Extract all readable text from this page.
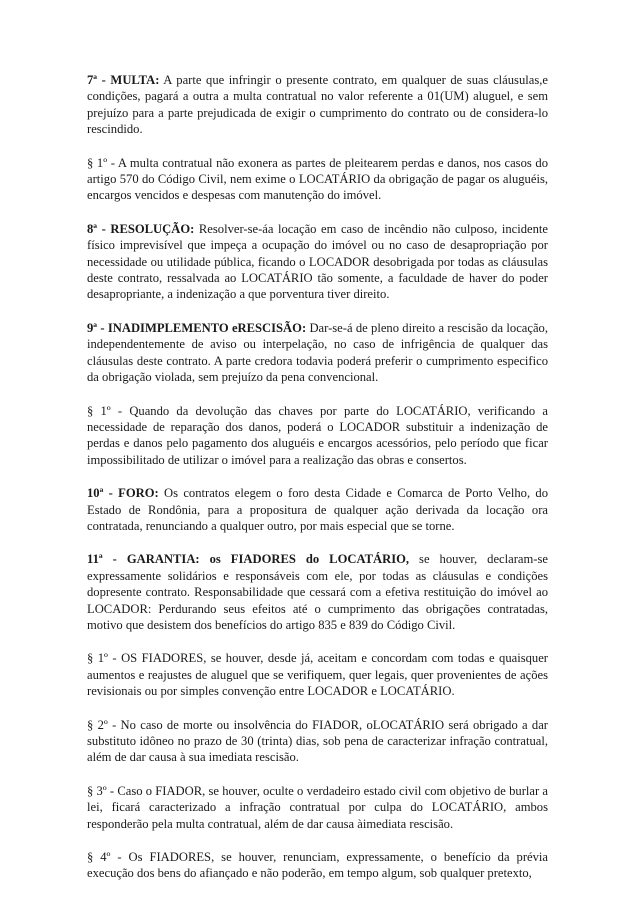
7ª - MULTA: A parte que infringir o presente contrato, em qualquer de suas cláusulas,e condições, pagará a outra a multa contratual no valor referente a 01(UM) aluguel, e sem prejuízo para a parte prejudicada de exigir o cumprimento do contrato ou de considera-lo rescindido.

§ 1º - A multa contratual não exonera as partes de pleitearem perdas e danos, nos casos do artigo 570 do Código Civil, nem exime o LOCATÁRIO da obrigação de pagar os aluguéis, encargos vencidos e despesas com manutenção do imóvel.

8ª - RESOLUÇÃO: Resolver-se-áa locação em caso de incêndio não culposo, incidente físico imprevisível que impeça a ocupação do imóvel ou no caso de desapropriação por necessidade ou utilidade pública, ficando o LOCADOR desobrigada por todas as cláusulas deste contrato, ressalvada ao LOCATÁRIO tão somente, a faculdade de haver do poder desapropriante, a indenização a que porventura tiver direito.

9ª - INADIMPLEMENTO eRESCISÃO: Dar-se-á de pleno direito a rescisão da locação, independentemente de aviso ou interpelação, no caso de infrigência de qualquer das cláusulas deste contrato. A parte credora todavia poderá preferir o cumprimento especifico da obrigação violada, sem prejuízo da pena convencional.

§ 1º - Quando da devolução das chaves por parte do LOCATÁRIO, verificando a necessidade de reparação dos danos, poderá o LOCADOR substituir a indenização de perdas e danos pelo pagamento dos aluguéis e encargos acessórios, pelo período que ficar impossibilitado de utilizar o imóvel para a realização das obras e consertos.

10ª - FORO: Os contratos elegem o foro desta Cidade e Comarca de Porto Velho, do Estado de Rondônia, para a propositura de qualquer ação derivada da locação ora contratada, renunciando a qualquer outro, por mais especial que se torne.

11ª - GARANTIA: os FIADORES do LOCATÁRIO, se houver, declaram-se expressamente solidários e responsáveis com ele, por todas as cláusulas e condições dopresente contrato. Responsabilidade que cessará com a efetiva restituição do imóvel ao LOCADOR: Perdurando seus efeitos até o cumprimento das obrigações contratadas, motivo que desistem dos benefícios do artigo 835 e 839 do Código Civil.

§ 1º - OS FIADORES, se houver, desde já, aceitam e concordam com todas e quaisquer aumentos e reajustes de aluguel que se verifiquem, quer legais, quer provenientes de ações revisionais ou por simples convenção entre LOCADOR e LOCATÁRIO.

§ 2º - No caso de morte ou insolvência do FIADOR, oLOCATÁRIO será obrigado a dar substituto idôneo no prazo de 30 (trinta) dias, sob pena de caracterizar infração contratual, além de dar causa à sua imediata rescisão.

§ 3º - Caso o FIADOR, se houver, oculte o verdadeiro estado civil com objetivo de burlar a lei, ficará caracterizado a infração contratual por culpa do LOCATÁRIO, ambos responderão pela multa contratual, além de dar causa àimediata rescisão.

§ 4º - Os FIADORES, se houver, renunciam, expressamente, o benefício da prévia execução dos bens do afiançado e não poderão, em tempo algum, sob qualquer pretexto,
